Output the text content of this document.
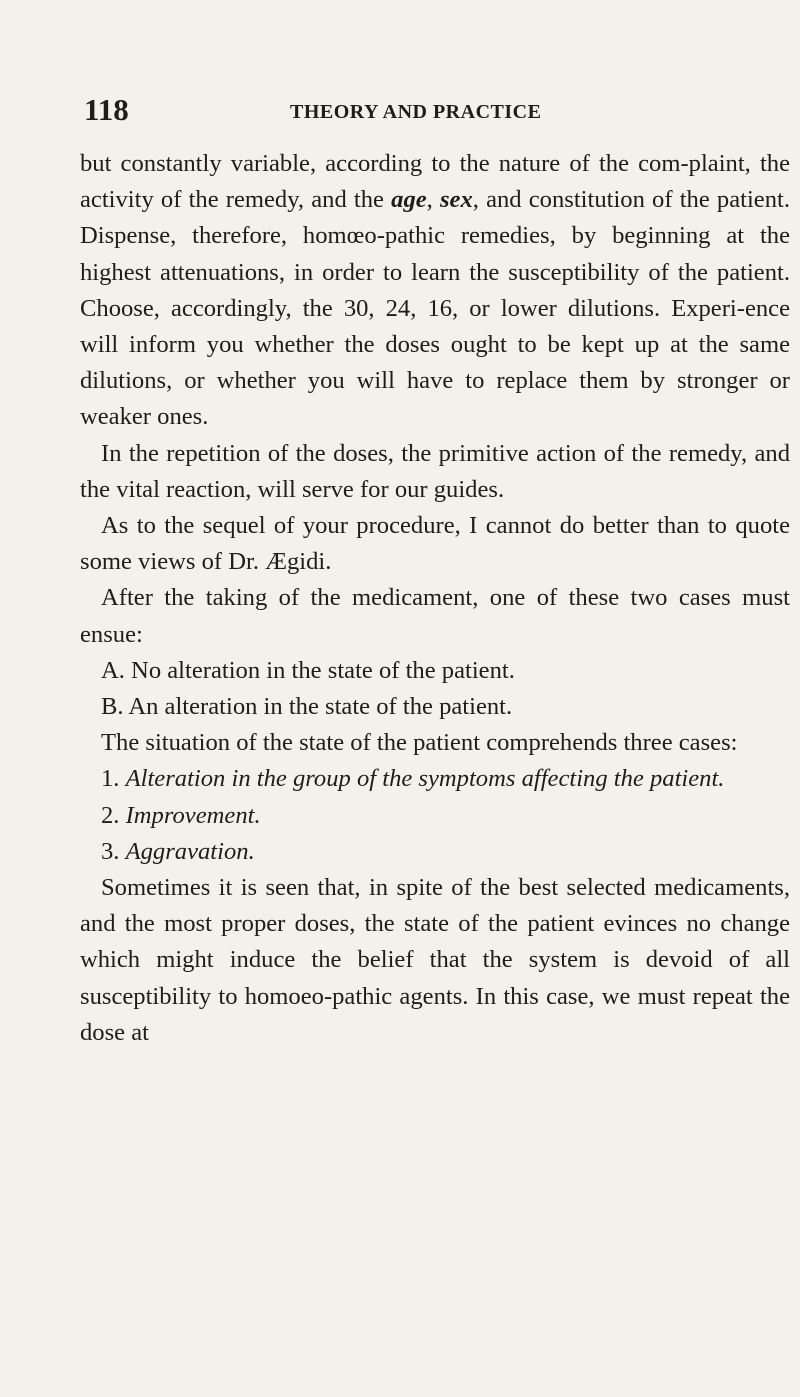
118	THEORY AND PRACTICE

but constantly variable, according to the nature of the com-plaint, the activity of the remedy, and the age, sex, and constitution of the patient. Dispense, therefore, homœo-pathic remedies, by beginning at the highest attenuations, in order to learn the susceptibility of the patient. Choose, accordingly, the 30, 24, 16, or lower dilutions. Experi-ence will inform you whether the doses ought to be kept up at the same dilutions, or whether you will have to replace them by stronger or weaker ones.

In the repetition of the doses, the primitive action of the remedy, and the vital reaction, will serve for our guides.

As to the sequel of your procedure, I cannot do better than to quote some views of Dr. Ægidi.

After the taking of the medicament, one of these two cases must ensue:

A. No alteration in the state of the patient.

B. An alteration in the state of the patient.

The situation of the state of the patient comprehends three cases:

1. Alteration in the group of the symptoms affecting the patient.

2. Improvement.

3. Aggravation.

Sometimes it is seen that, in spite of the best selected medicaments, and the most proper doses, the state of the patient evinces no change which might induce the belief that the system is devoid of all susceptibility to homoeo-pathic agents. In this case, we must repeat the dose at
